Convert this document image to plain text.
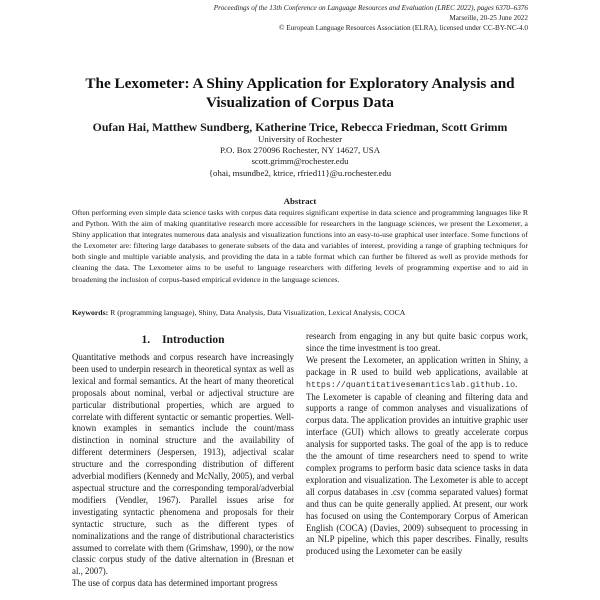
Proceedings of the 13th Conference on Language Resources and Evaluation (LREC 2022), pages 6370–6376
Marseille, 20-25 June 2022
© European Language Resources Association (ELRA), licensed under CC-BY-NC-4.0
The Lexometer: A Shiny Application for Exploratory Analysis and
Visualization of Corpus Data
Oufan Hai, Matthew Sundberg, Katherine Trice, Rebecca Friedman, Scott Grimm
University of Rochester
P.O. Box 270096 Rochester, NY 14627, USA
scott.grimm@rochester.edu
{ohai, msundbe2, ktrice, rfried11}@u.rochester.edu
Abstract
Often performing even simple data science tasks with corpus data requires significant expertise in data science and programming languages like R and Python. With the aim of making quantitative research more accessible for researchers in the language sciences, we present the Lexometer, a Shiny application that integrates numerous data analysis and visualization functions into an easy-to-use graphical user interface. Some functions of the Lexometer are: filtering large databases to generate subsets of the data and variables of interest, providing a range of graphing techniques for both single and multiple variable analysis, and providing the data in a table format which can further be filtered as well as provide methods for cleaning the data. The Lexometer aims to be useful to language researchers with differing levels of programming expertise and to aid in broadening the inclusion of corpus-based empirical evidence in the language sciences.
Keywords: R (programming language), Shiny, Data Analysis, Data Visualization, Lexical Analysis, COCA
1. Introduction

Quantitative methods and corpus research have increasingly been used to underpin research in theoretical syntax as well as lexical and formal semantics. At the heart of many theoretical proposals about nominal, verbal or adjectival structure are particular distributional properties, which are argued to correlate with different syntactic or semantic properties. Well-known examples in semantics include the count/mass distinction in nominal structure and the availability of different determiners (Jespersen, 1913), adjectival scalar structure and the corresponding distribution of different adverbial modifiers (Kennedy and McNally, 2005), and verbal aspectual structure and the corresponding temporal/adverbial modifiers (Vendler, 1967). Parallel issues arise for investigating syntactic phenomena and proposals for their syntactic structure, such as the different types of nominalizations and the range of distributional characteristics assumed to correlate with them (Grimshaw, 1990), or the now classic corpus study of the dative alternation in (Bresnan et al., 2007).

The use of corpus data has determined important progress

research from engaging in any but quite basic corpus work, since the time investment is too great.

We present the Lexometer, an application written in Shiny, a package in R used to build web applications, available at https://quantitativesemanticslab.github.io. The Lexometer is capable of cleaning and filtering data and supports a range of common analyses and visualizations of corpus data. The application provides an intuitive graphic user interface (GUI) which allows to greatly accelerate corpus analysis for supported tasks. The goal of the app is to reduce the the amount of time researchers need to spend to write complex programs to perform basic data science tasks in data exploration and visualization. The Lexometer is able to accept all corpus databases in .csv (comma separated values) format and thus can be quite generally applied. At present, our work has focused on using the Contemporary Corpus of American English (COCA) (Davies, 2009) subsequent to processing in an NLP pipeline, which this paper describes. Finally, results produced using the Lexometer can be easily
